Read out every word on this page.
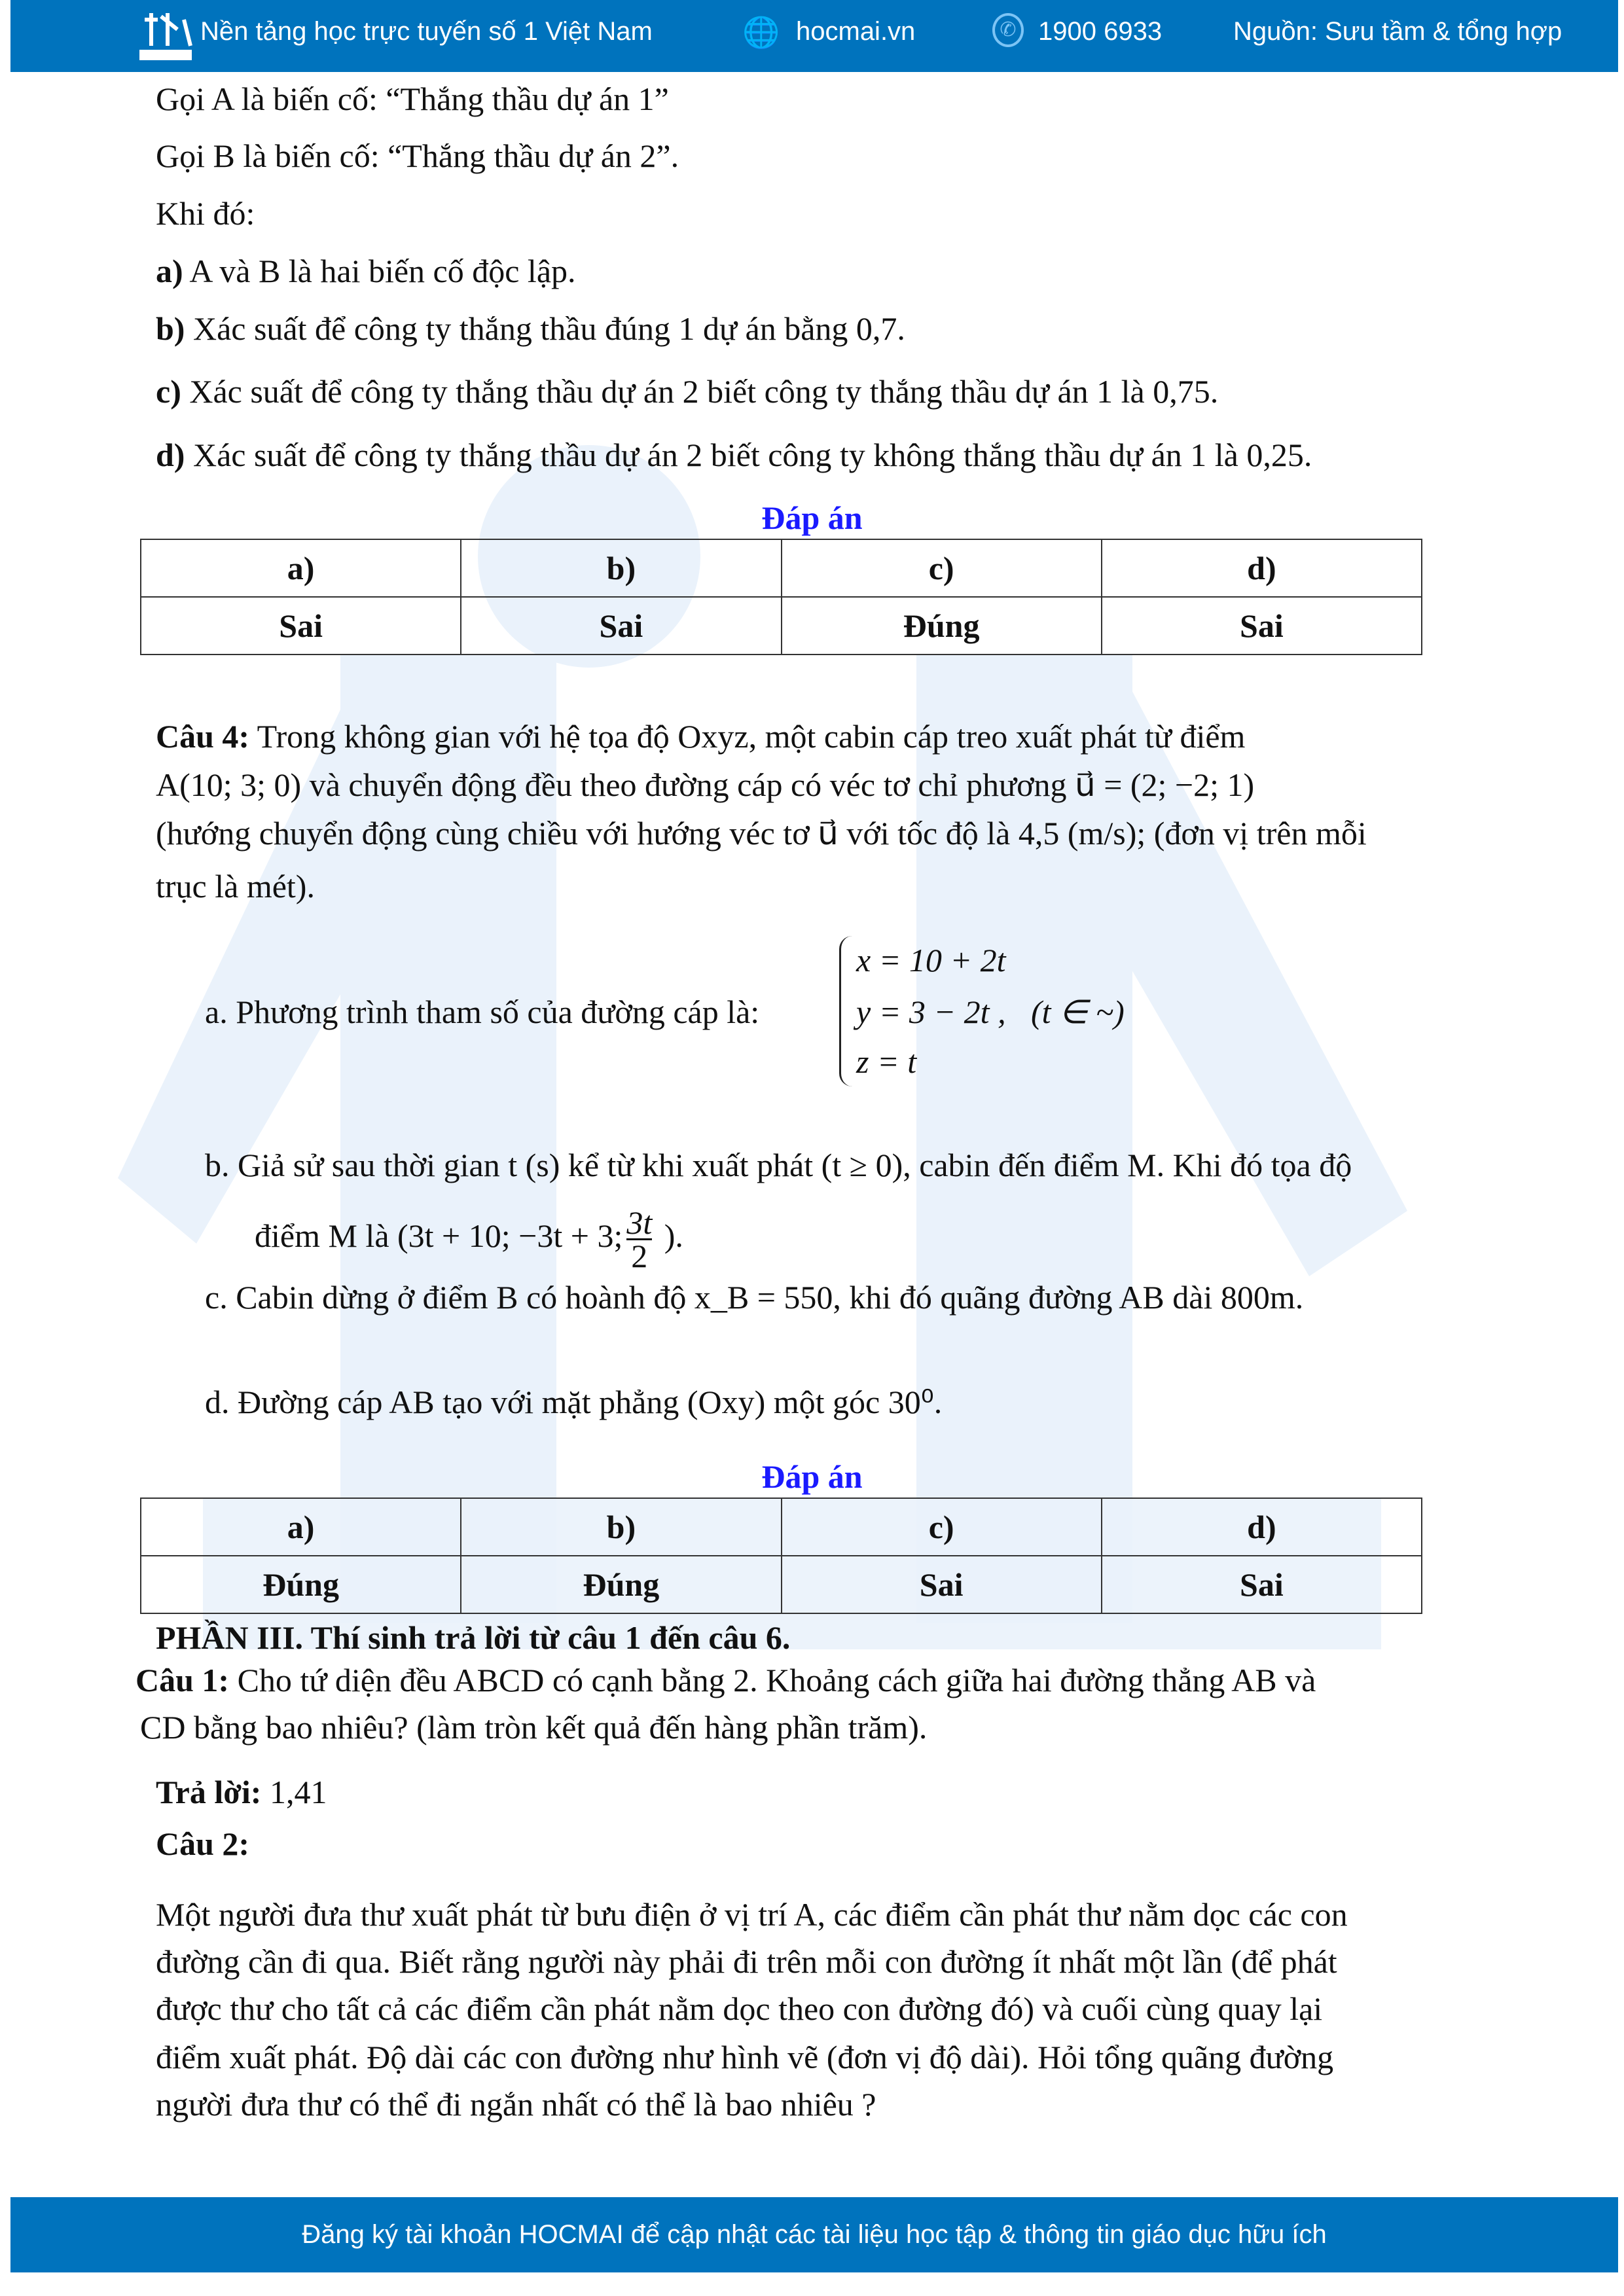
Nền tảng học trực tuyến số 1 Việt Nam	🌐 hocmai.vn	✆ 1900 6933	Nguồn: Sưu tầm & tổng hợp
Gọi A là biến cố: “Thắng thầu dự án 1”
Gọi B là biến cố: “Thắng thầu dự án 2”.
Khi đó:
a) A và B là hai biến cố độc lập.
b) Xác suất để công ty thắng thầu đúng 1 dự án bằng 0,7.
c) Xác suất để công ty thắng thầu dự án 2 biết công ty thắng thầu dự án 1 là 0,75.
d) Xác suất để công ty thắng thầu dự án 2 biết công ty không thắng thầu dự án 1 là 0,25.
Đáp án
a)	b)	c)	d)
Sai	Sai	Đúng	Sai
Câu 4: Trong không gian với hệ tọa độ Oxyz, một cabin cáp treo xuất phát từ điểm
A(10; 3; 0) và chuyển động đều theo đường cáp có véc tơ chỉ phương u⃗ = (2; −2; 1)
(hướng chuyển động cùng chiều với hướng véc tơ u⃗ với tốc độ là 4,5 (m/s); (đơn vị trên mỗi
trục là mét).
a. Phương trình tham số của đường cáp là:
x = 10 + 2t
y = 3 − 2t ,
z = t
(t ∈ ~)
b. Giả sử sau thời gian t (s) kể từ khi xuất phát (t ≥ 0), cabin đến điểm M. Khi đó tọa độ
điểm M là (3t + 10; −3t + 3; $\frac{3t}{2}$ ).
c. Cabin dừng ở điểm B có hoành độ x_B = 550, khi đó quãng đường AB dài 800m.
d. Đường cáp AB tạo với mặt phẳng (Oxy) một góc 30⁰.
Đáp án
a)	b)	c)	d)
Đúng	Đúng	Sai	Sai
PHẦN III. Thí sinh trả lời từ câu 1 đến câu 6.
Câu 1: Cho tứ diện đều ABCD có cạnh bằng 2. Khoảng cách giữa hai đường thẳng AB và
CD bằng bao nhiêu? (làm tròn kết quả đến hàng phần trăm).
Trả lời: 1,41
Câu 2:
Một người đưa thư xuất phát từ bưu điện ở vị trí A, các điểm cần phát thư nằm dọc các con
đường cần đi qua. Biết rằng người này phải đi trên mỗi con đường ít nhất một lần (để phát
được thư cho tất cả các điểm cần phát nằm dọc theo con đường đó) và cuối cùng quay lại
điểm xuất phát. Độ dài các con đường như hình vẽ (đơn vị độ dài). Hỏi tổng quãng đường
người đưa thư có thể đi ngắn nhất có thể là bao nhiêu ?
Đăng ký tài khoản HOCMAI để cập nhật các tài liệu học tập & thông tin giáo dục hữu ích
